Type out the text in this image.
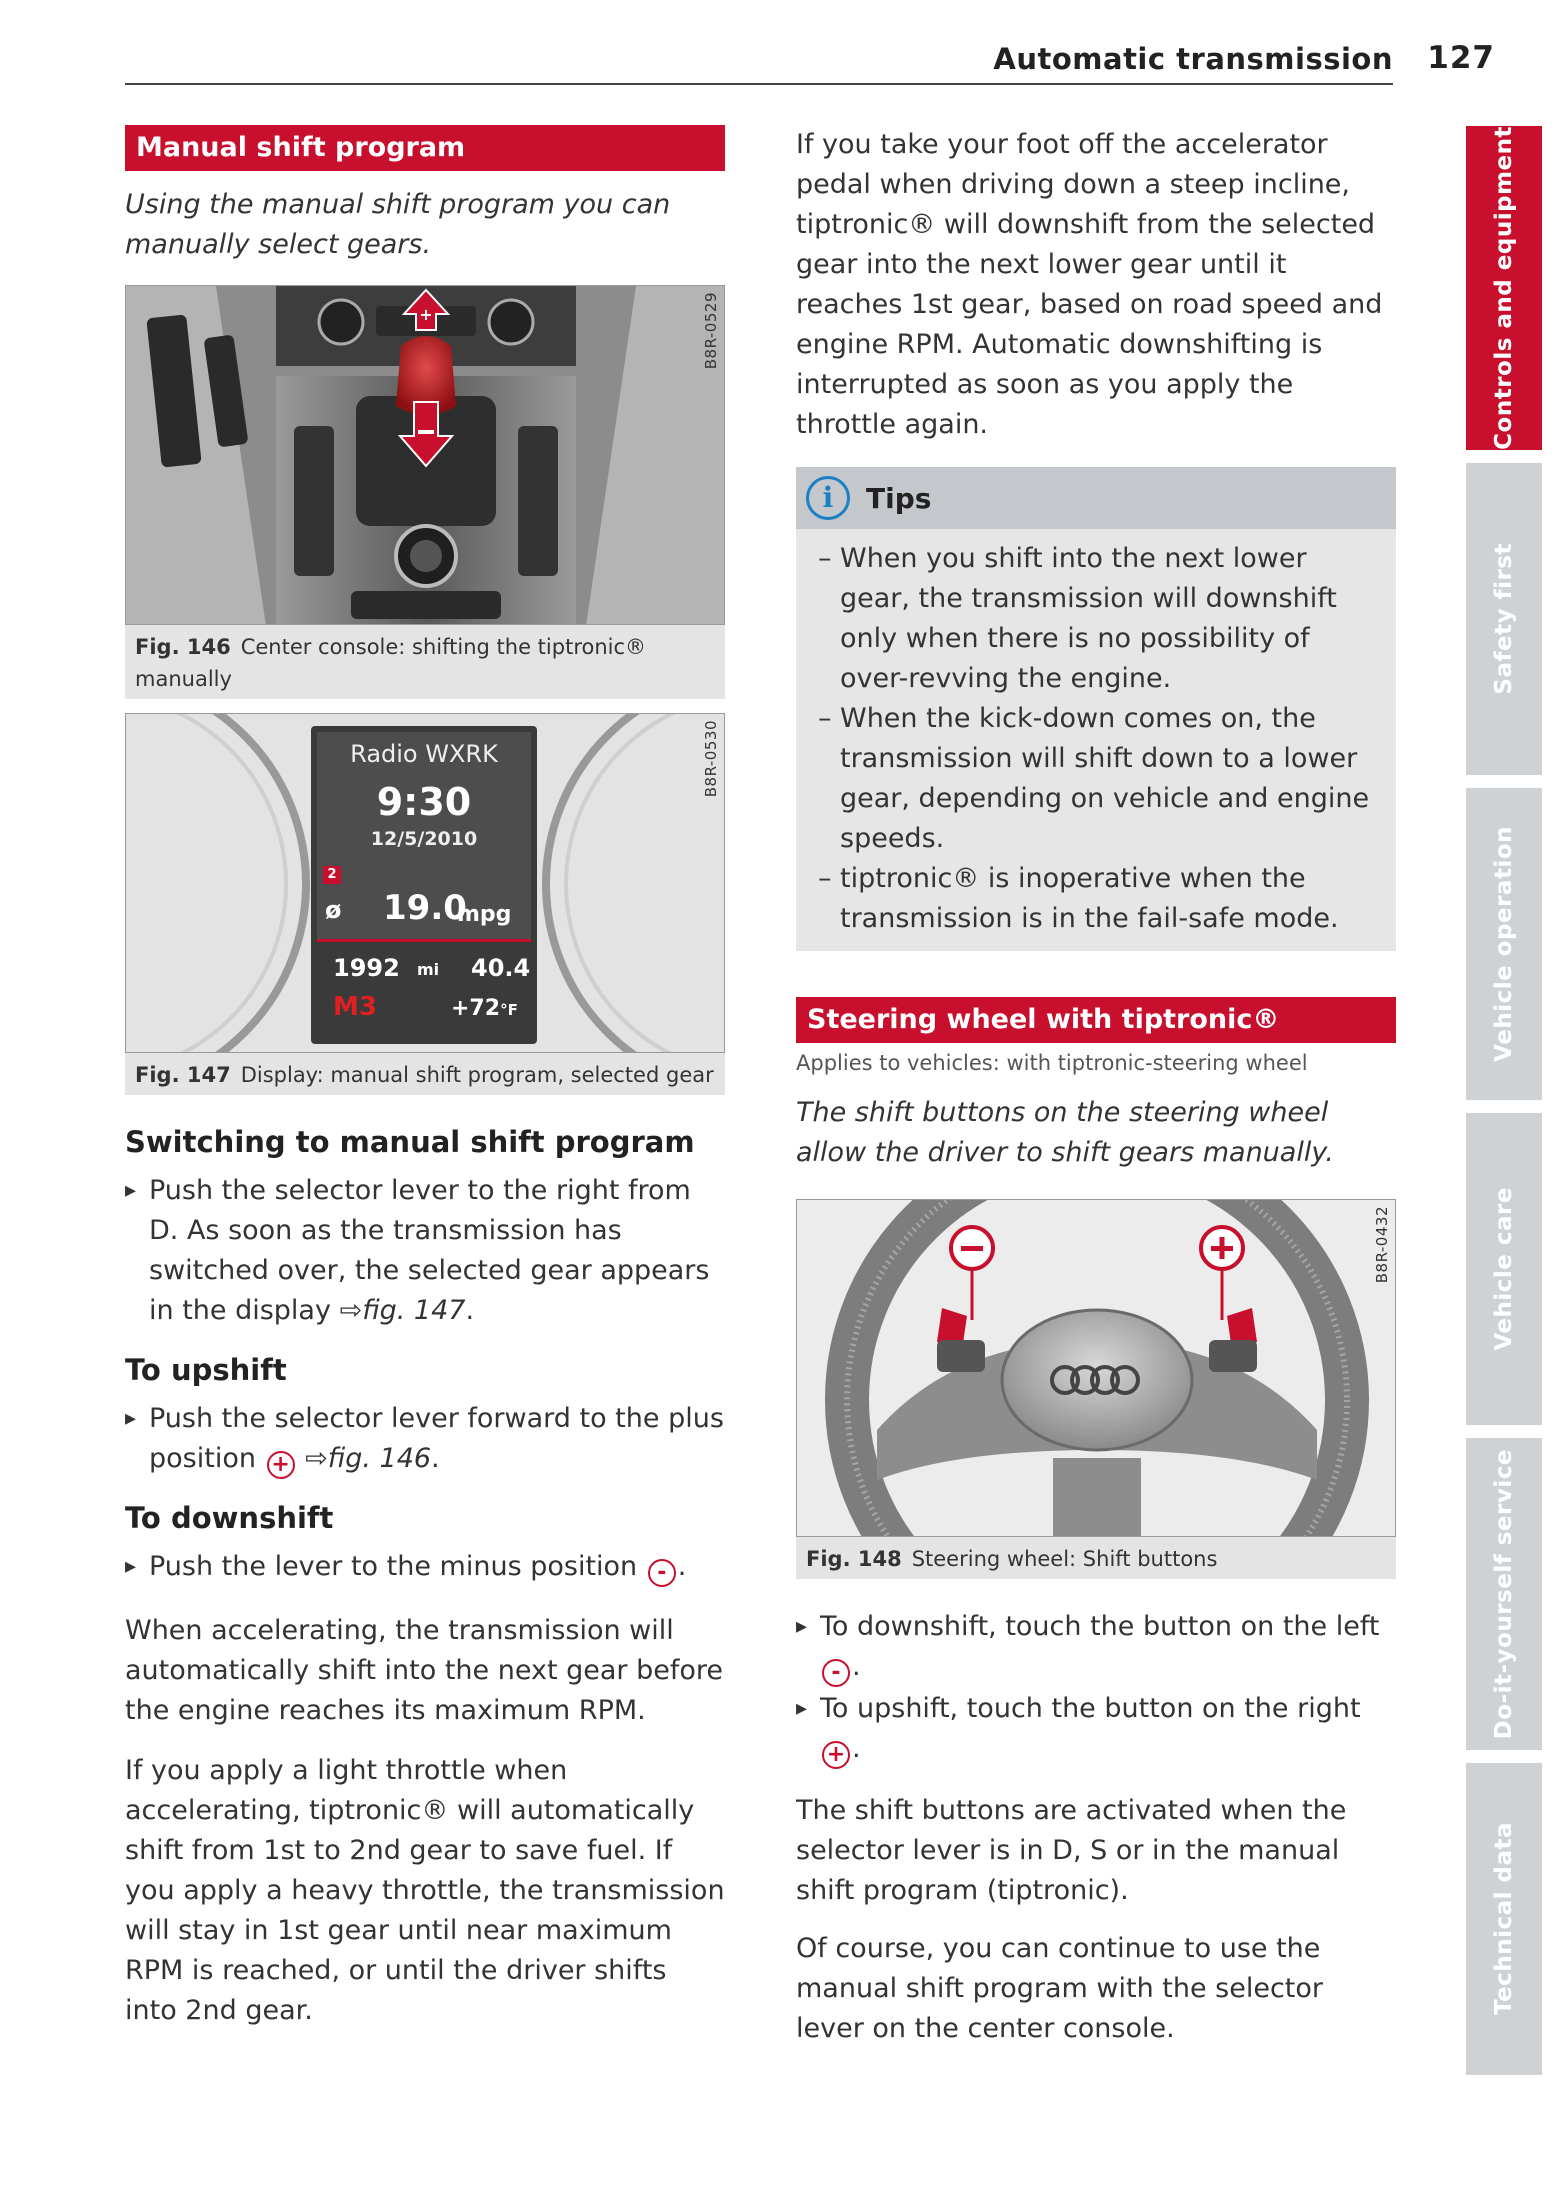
Automatic transmission 127
Manual shift program
Using the manual shift program you can manually select gears.
+	B8R-0529
Fig. 146 Center console: shifting the tiptronic® manually
Radio WXRK
9:30
12/5/2010
2
ø 19.0
mpg
1992 mi 40.4
M3	+72°F
B8R-0530
Fig. 147 Display: manual shift program, selected gear
Switching to manual shift program
▸ Push the selector lever to the right from D. As soon as the transmission has switched over, the selected gear appears in the display ⇨fig. 147.
To upshift
▸ Push the selector lever forward to the plus position + ⇨fig. 146.
To downshift
▸ Push the lever to the minus position - .

When accelerating, the transmission will automatically shift into the next gear before the engine reaches its maximum RPM.

If you apply a light throttle when accelerating, tiptronic® will automatically shift from 1st to 2nd gear to save fuel. If you apply a heavy throttle, the transmission will stay in 1st gear until near maximum RPM is reached, or until the driver shifts into 2nd gear.

If you take your foot off the accelerator pedal when driving down a steep incline, tiptronic® will downshift from the selected gear into the next lower gear until it reaches 1st gear, based on road speed and engine RPM. Automatic downshifting is interrupted as soon as you apply the throttle again.

i	Tips
– When you shift into the next lower gear, the transmission will downshift only when there is no possibility of over-revving the engine.
– When the kick-down comes on, the transmission will shift down to a lower gear, depending on vehicle and engine speeds.
– tiptronic® is inoperative when the transmission is in the fail-safe mode.
Steering wheel with tiptronic®
Applies to vehicles: with tiptronic-steering wheel
The shift buttons on the steering wheel allow the driver to shift gears manually.
B8R-0432
Fig. 148 Steering wheel: Shift buttons
▸ To downshift, touch the button on the left - .
▸ To upshift, touch the button on the right + .

The shift buttons are activated when the selector lever is in D, S or in the manual shift program (tiptronic).

Of course, you can continue to use the manual shift program with the selector lever on the center console.

Controls and equipment
Safety first
Vehicle operation
Vehicle care
Do-it-yourself service
Technical data
